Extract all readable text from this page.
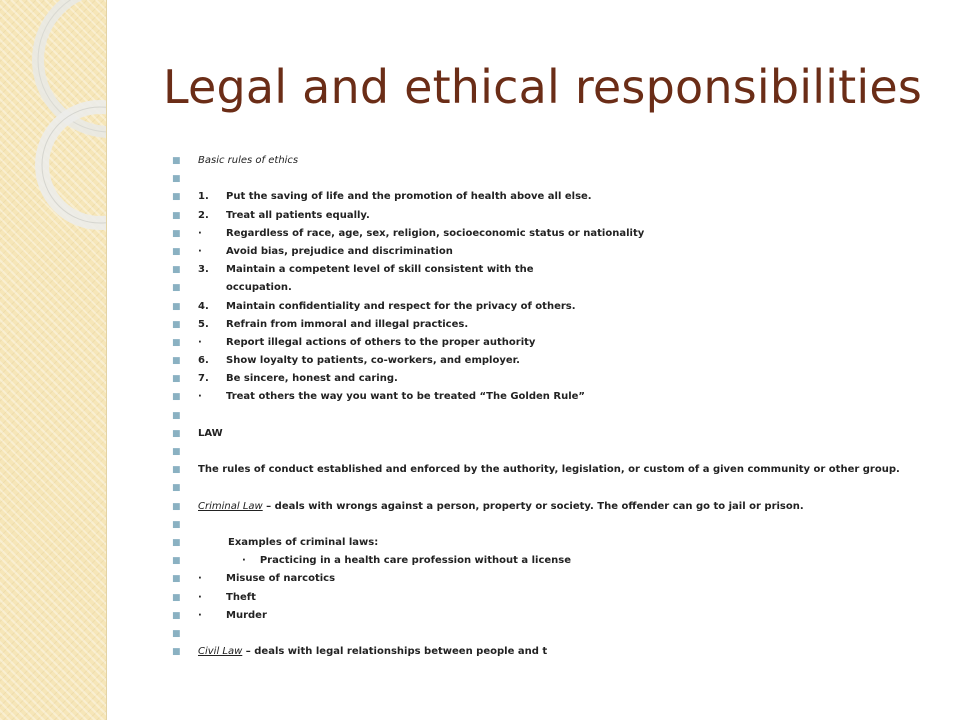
Legal and ethical responsibilities
■ Basic rules of ethics
■
■ 1. Put the saving of life and the promotion of health above all else.
■ 2. Treat all patients equally.
■ · Regardless of race, age, sex, religion, socioeconomic status or nationality
■ · Avoid bias, prejudice and discrimination
■ 3. Maintain a competent level of skill consistent with the
■	occupation.
■ 4. Maintain confidentiality and respect for the privacy of others.
■ 5. Refrain from immoral and illegal practices.
■ · Report illegal actions of others to the proper authority
■ 6. Show loyalty to patients, co-workers, and employer.
■ 7. Be sincere, honest and caring.
■ · Treat others the way you want to be treated “The Golden Rule”
■
■ LAW
■
■ The rules of conduct established and enforced by the authority, legislation, or custom of a given community or other group.
■
■ Criminal Law – deals with wrongs against a person, property or society. The offender can go to jail or prison.
■
■	Examples of criminal laws:
■	· Practicing in a health care profession without a license
■ · Misuse of narcotics
■ · Theft
■ · Murder
■
■ Civil Law – deals with legal relationships between people and t
